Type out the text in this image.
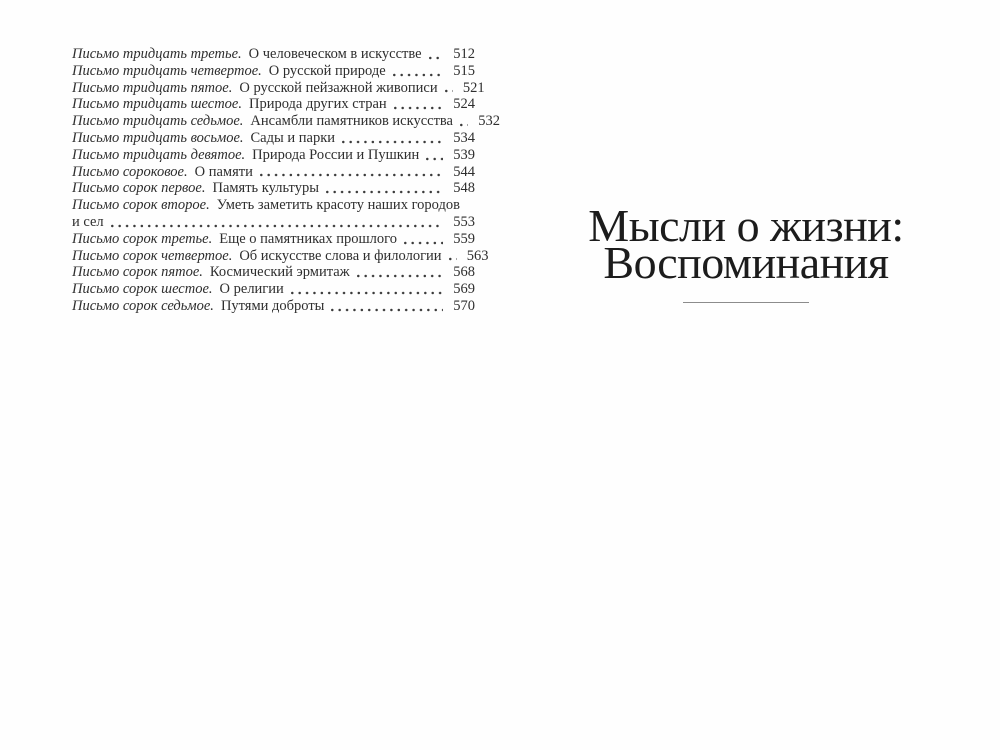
Письмо тридцать третье. О человеческом в искусстве 512
Письмо тридцать четвертое. О русской природе	515
Письмо тридцать пятое. О русской пейзажной живописи 521
Письмо тридцать шестое. Природа других стран	524
Письмо тридцать седьмое. Ансамбли памятников искусства 532
Письмо тридцать восьмое. Сады и парки	534
Письмо тридцать девятое. Природа России и Пушкин 539
Письмо сороковое. О памяти	544
Письмо сорок первое. Память культуры	548
Письмо сорок второе. Уметь заметить красоту наших городов
и сел	553
Письмо сорок третье. Еще о памятниках прошлого	559
Письмо сорок четвертое. Об искусстве слова и филологии 563
Письмо сорок пятое. Космический эрмитаж	568
Письмо сорок шестое. О религии	569
Письмо сорок седьмое. Путями доброты	570
Мысли о жизни:
Воспоминания
